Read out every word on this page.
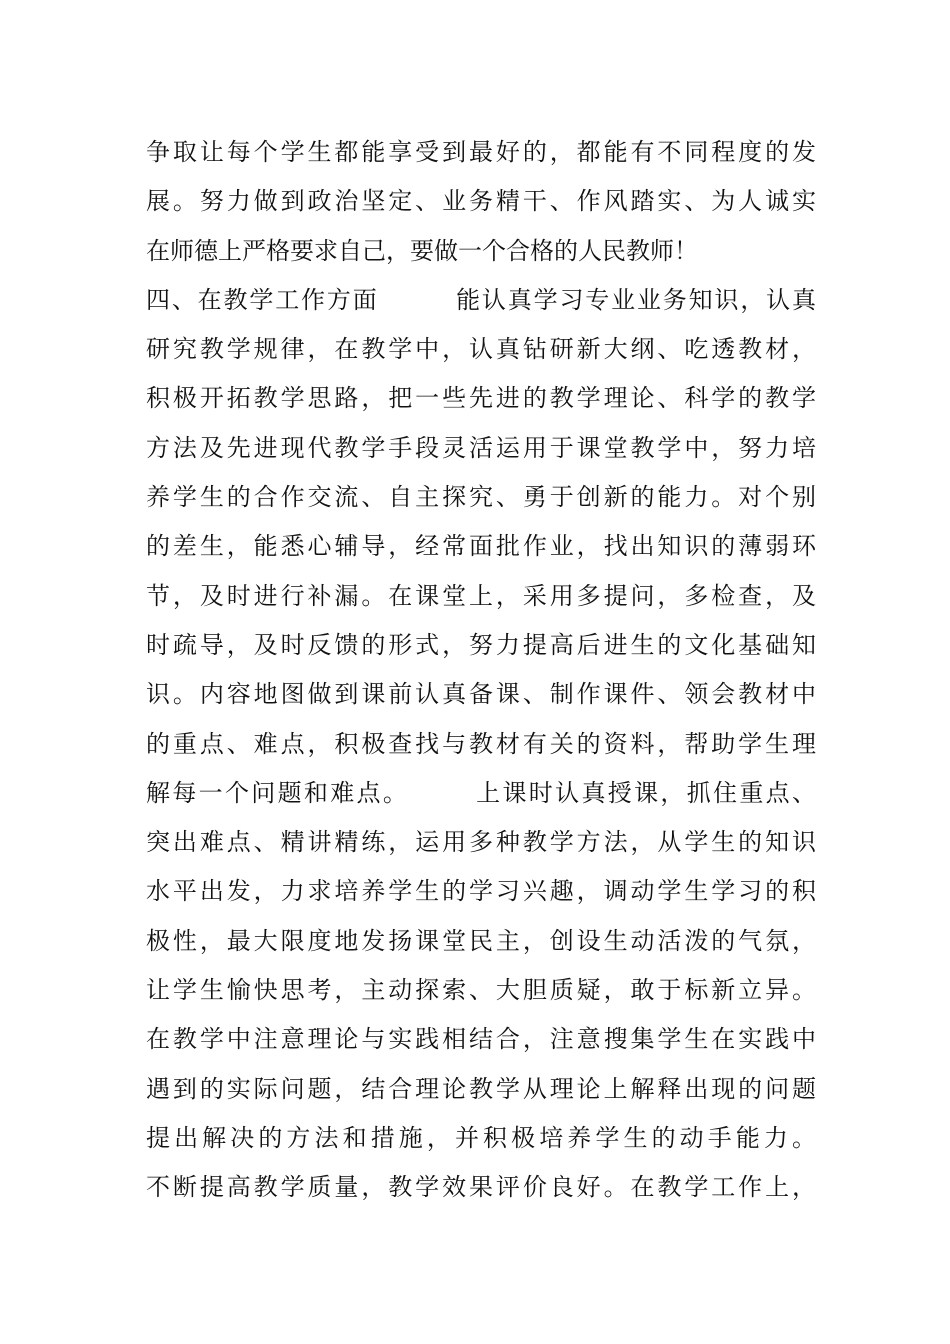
争取让每个学生都能享受到最好的，都能有不同程度的发
展。努力做到政治坚定、业务精干、作风踏实、为人诚实
在师德上严格要求自己，要做一个合格的人民教师！
四、在教学工作方面　　　能认真学习专业业务知识，认真
研究教学规律，在教学中，认真钻研新大纲、吃透教材，
积极开拓教学思路，把一些先进的教学理论、科学的教学
方法及先进现代教学手段灵活运用于课堂教学中，努力培
养学生的合作交流、自主探究、勇于创新的能力。对个别
的差生，能悉心辅导，经常面批作业，找出知识的薄弱环
节，及时进行补漏。在课堂上，采用多提问，多检查，及
时疏导，及时反馈的形式，努力提高后进生的文化基础知
识。内容地图做到课前认真备课、制作课件、领会教材中
的重点、难点，积极查找与教材有关的资料，帮助学生理
解每一个问题和难点。　　　上课时认真授课，抓住重点、
突出难点、精讲精练，运用多种教学方法，从学生的知识
水平出发，力求培养学生的学习兴趣，调动学生学习的积
极性，最大限度地发扬课堂民主，创设生动活泼的气氛，
让学生愉快思考，主动探索、大胆质疑，敢于标新立异。
在教学中注意理论与实践相结合，注意搜集学生在实践中
遇到的实际问题，结合理论教学从理论上解释出现的问题
提出解决的方法和措施，并积极培养学生的动手能力。
不断提高教学质量，教学效果评价良好。在教学工作上，
